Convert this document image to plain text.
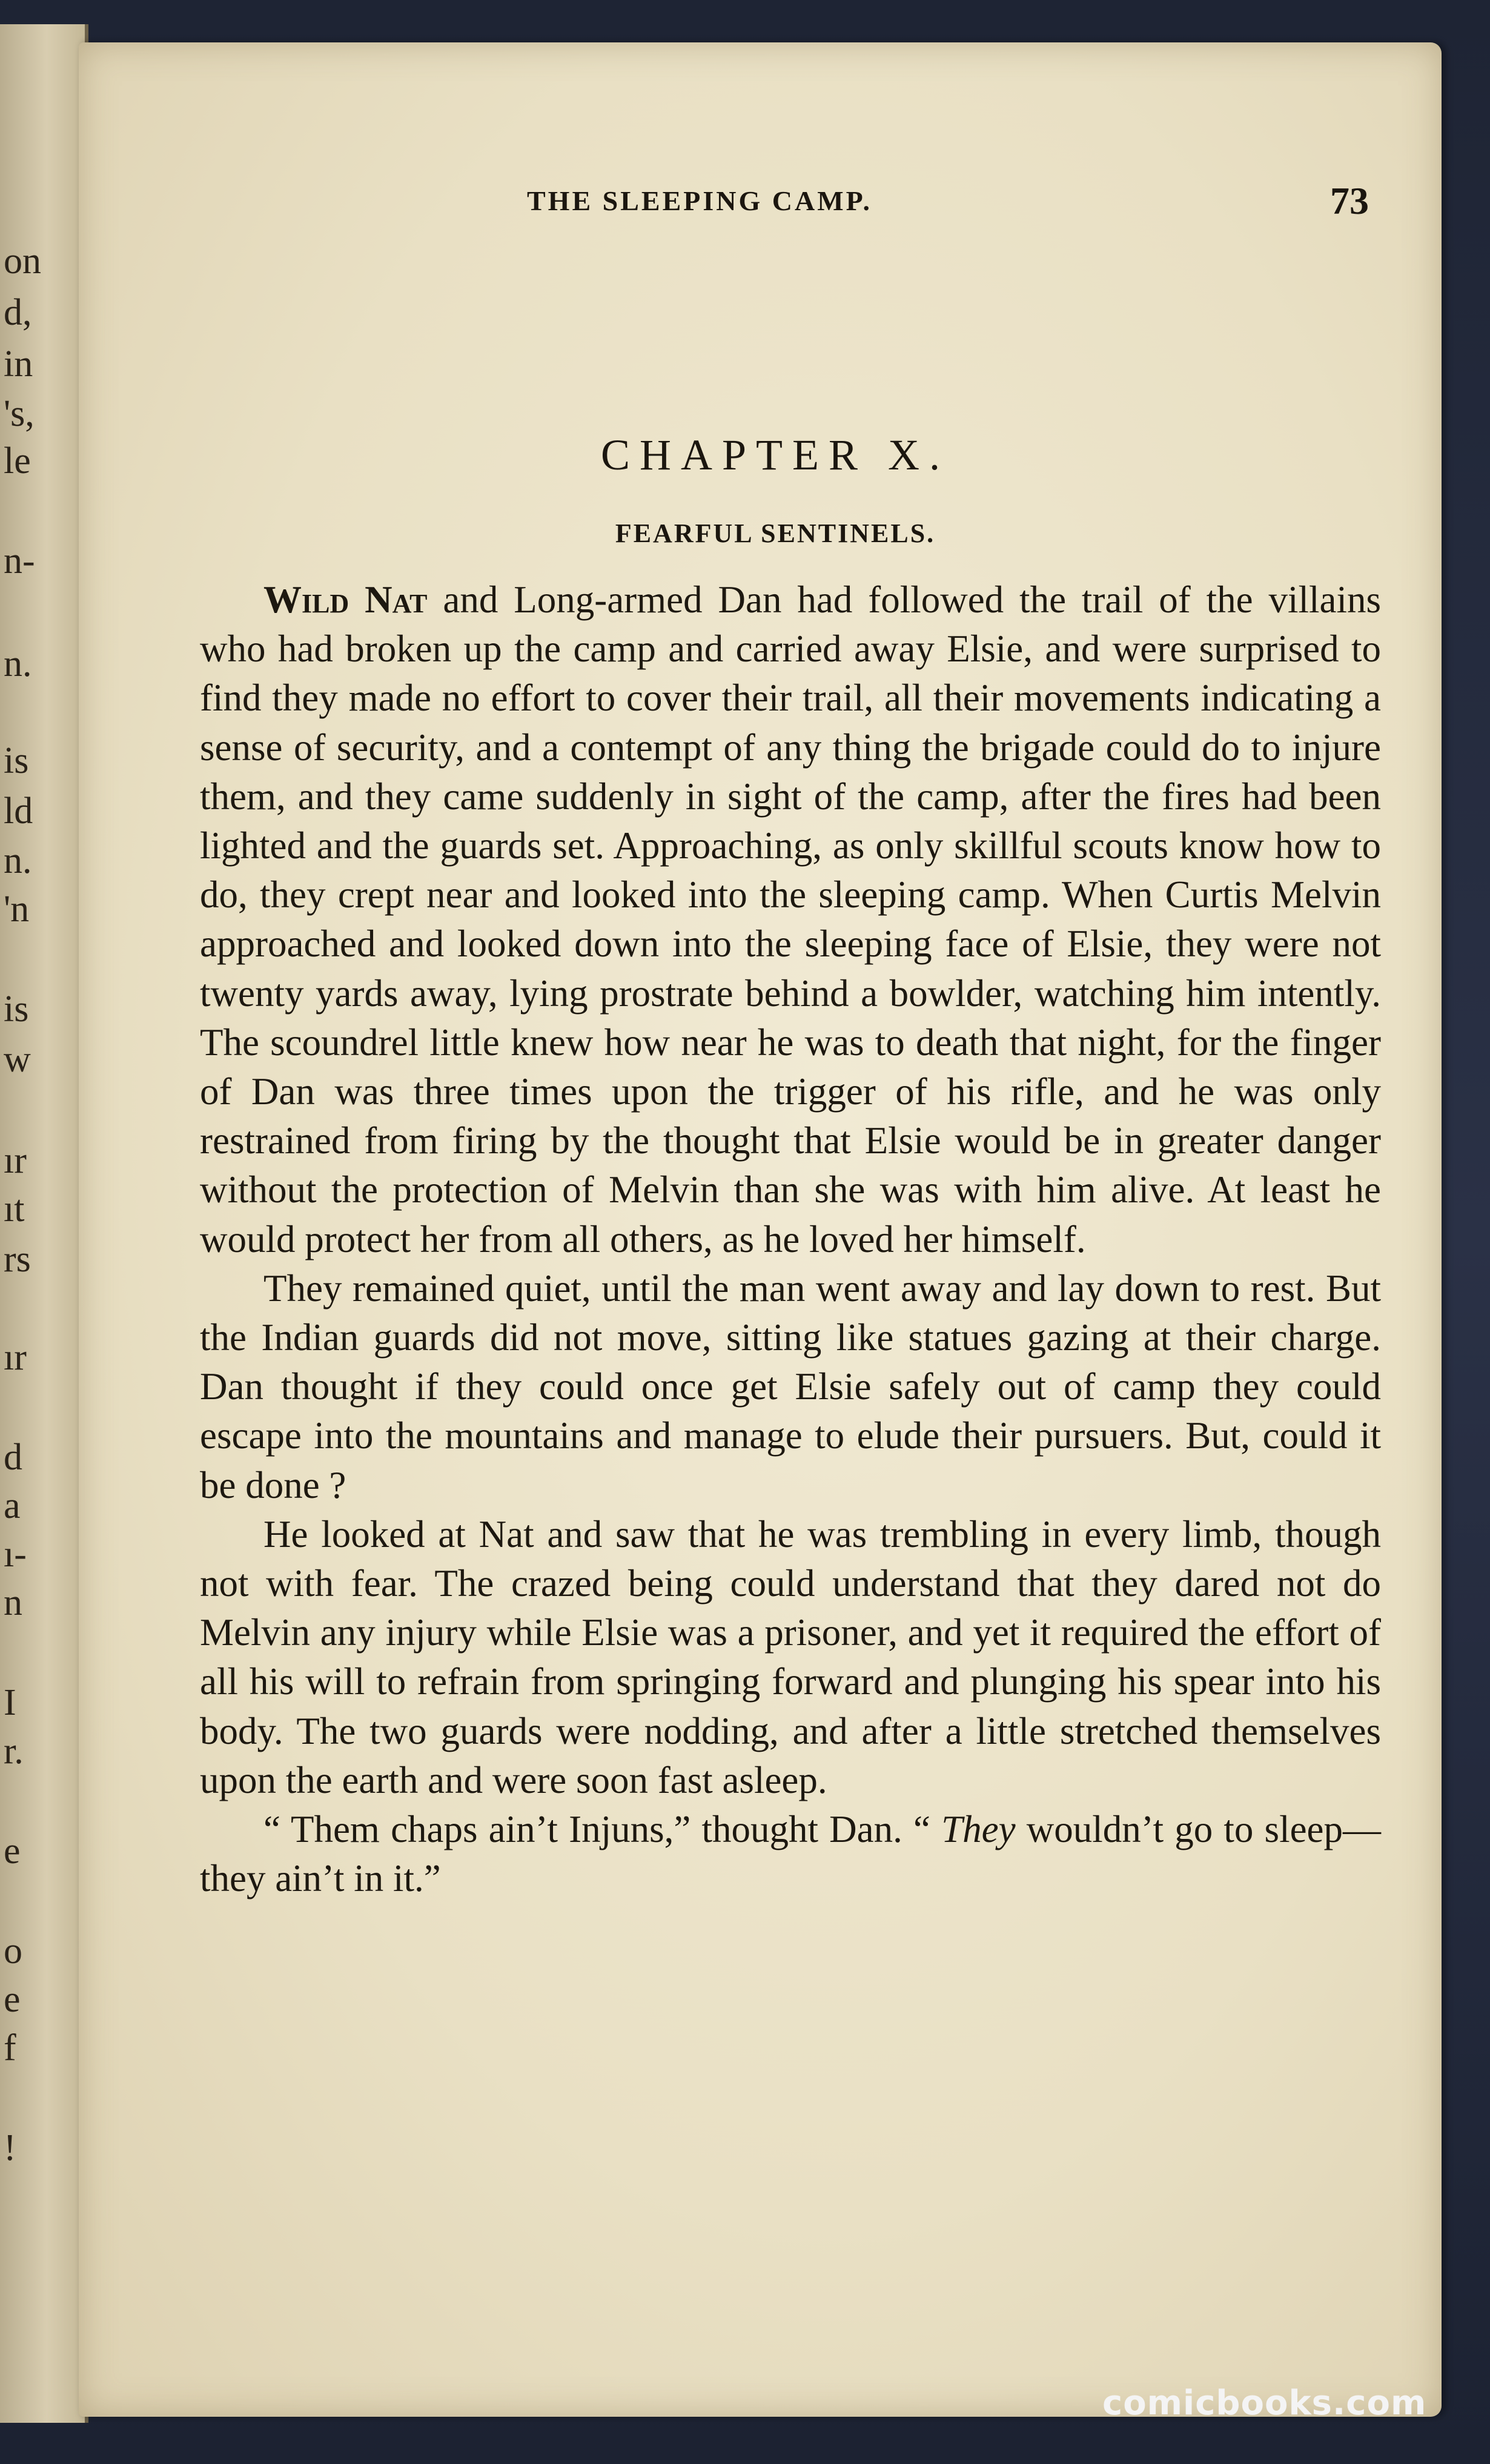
on
d,
in
's,
le
n-
n.
is
ld
n.
'n
is
w
ır
ıt
rs
ır
d
a
ı-
n
I
r.
e
o
e
f
!
THE SLEEPING CAMP.	73
CHAPTER X.
FEARFUL SENTINELS.

Wild Nat and Long-armed Dan had followed the trail of the villains who had broken up the camp and carried away Elsie, and were surprised to find they made no effort to cover their trail, all their movements indicating a sense of security, and a contempt of any thing the brigade could do to injure them, and they came suddenly in sight of the camp, after the fires had been lighted and the guards set. Approaching, as only skillful scouts know how to do, they crept near and looked into the sleeping camp. When Curtis Melvin approached and looked down into the sleeping face of Elsie, they were not twenty yards away, lying prostrate behind a bowlder, watching him intently. The scoundrel little knew how near he was to death that night, for the finger of Dan was three times upon the trigger of his rifle, and he was only restrained from firing by the thought that Elsie would be in greater danger without the protection of Melvin than she was with him alive. At least he would protect her from all others, as he loved her himself.

They remained quiet, until the man went away and lay down to rest. But the Indian guards did not move, sitting like statues gazing at their charge. Dan thought if they could once get Elsie safely out of camp they could escape into the mountains and manage to elude their pursuers. But, could it be done ?

He looked at Nat and saw that he was trembling in every limb, though not with fear. The crazed being could understand that they dared not do Melvin any injury while Elsie was a prisoner, and yet it required the effort of all his will to refrain from springing forward and plunging his spear into his body. The two guards were nodding, and after a little stretched themselves upon the earth and were soon fast asleep.

“ Them chaps ain’t Injuns,” thought Dan. “ They wouldn’t go to sleep—they ain’t in it.”

comicbooks.com
